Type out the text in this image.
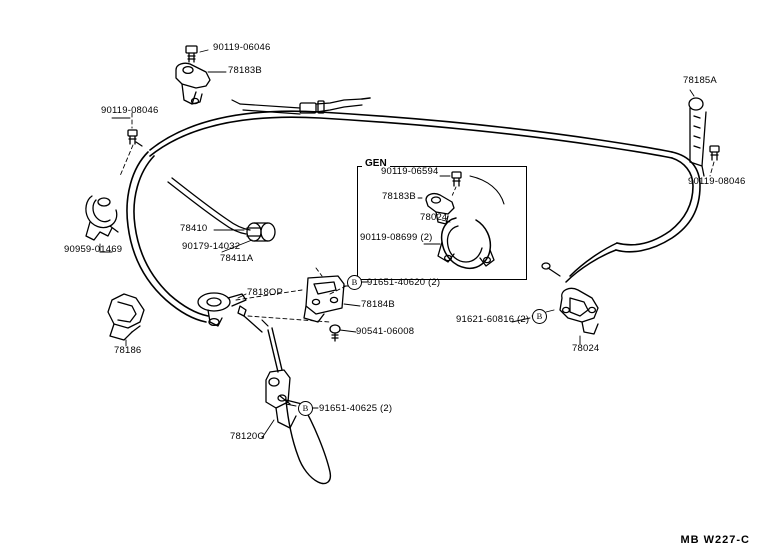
GEN
90119-06046
78183B
90119-08046
78185A
90119-08046
90959-01469
78410
90179-14032
78411A
78186
7818OP
91651-40620 (2)
78184B
90541-06008
91621-60816 (2)
78024
91651-40625 (2)
78120G
90119-06594
78183B
78024
90119-08699 (2)
B
B
B
MB W227-C
